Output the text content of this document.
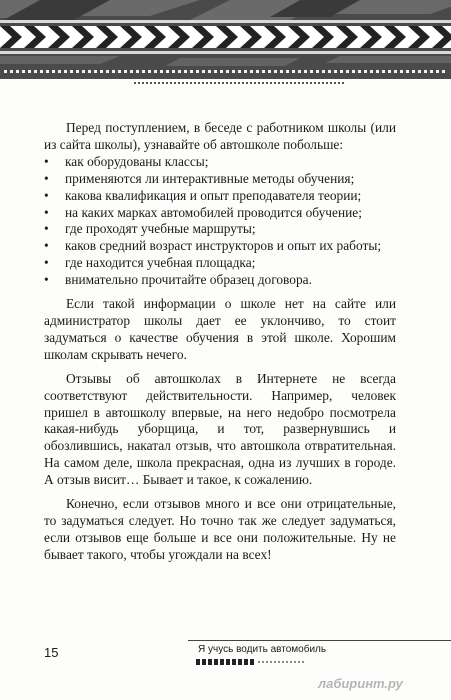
Перед поступлением, в беседе с работником школы (или из сайта школы), узнавайте об автошколе побольше:

• как оборудованы классы;
• применяются ли интерактивные методы обучения;
• какова квалификация и опыт преподавателя теории;
• на каких марках автомобилей проводится обучение;
• где проходят учебные маршруты;
• каков средний возраст инструкторов и опыт их работы;
• где находится учебная площадка;
• внимательно прочитайте образец договора.

Если такой информации о школе нет на сайте или администратор школы дает ее уклончиво, то стоит задуматься о качестве обучения в этой школе. Хорошим школам скрывать нечего.

Отзывы об автошколах в Интернете не всегда соответствуют действительности. Например, человек пришел в автошколу впервые, на него недобро посмотрела какая-нибудь уборщица, и тот, развернувшись и обозлившись, накатал отзыв, что автошкола отвратительная. На самом деле, школа прекрасная, одна из лучших в городе. А отзыв висит… Бывает и такое, к сожалению.

Конечно, если отзывов много и все они отрицательные, то задуматься следует. Но точно так же следует задуматься, если отзывов еще больше и все они положительные. Ну не бывает такого, чтобы угождали на всех!

15	Я учусь водить автомобиль
лабиринт.ру
